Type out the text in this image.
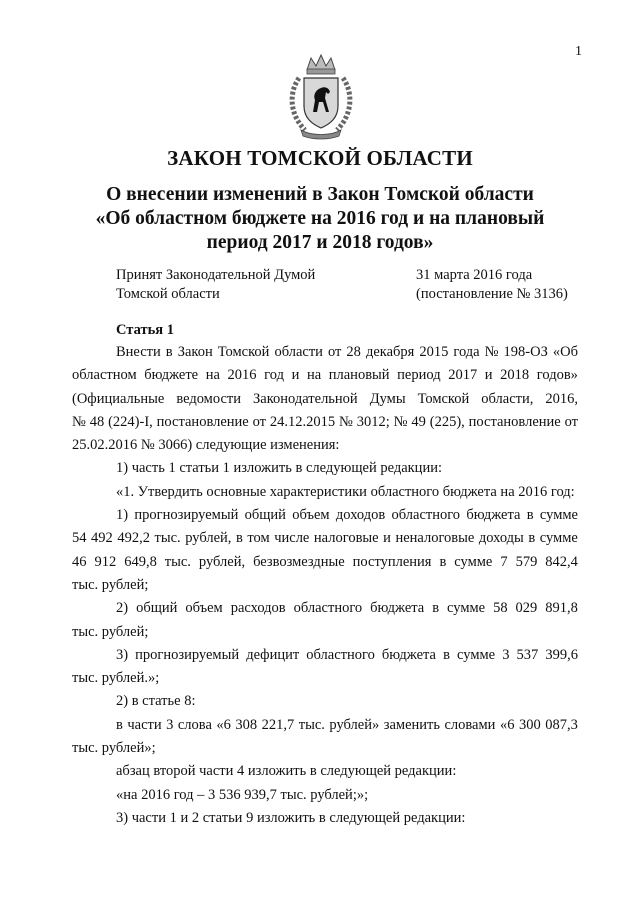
1
ЗАКОН ТОМСКОЙ ОБЛАСТИ
О внесении изменений в Закон Томской области
«Об областном бюджете на 2016 год и на плановый
период 2017 и 2018 годов»
Принят Законодательной Думой
Томской области
31 марта 2016 года
(постановление № 3136)
Статья 1
Внести в Закон Томской области от 28 декабря 2015 года № 198-ОЗ «Об
областном бюджете на 2016 год и на плановый период 2017 и 2018 годов»
(Официальные ведомости Законодательной Думы Томской области, 2016,
№ 48 (224)-I, постановление от 24.12.2015 № 3012; № 49 (225), постановление от
25.02.2016 № 3066) следующие изменения:
1) часть 1 статьи 1 изложить в следующей редакции:
«1. Утвердить основные характеристики областного бюджета на 2016 год:
1) прогнозируемый общий объем доходов областного бюджета в сумме
54 492 492,2 тыс. рублей, в том числе налоговые и неналоговые доходы в сумме
46 912 649,8 тыс. рублей, безвозмездные поступления в сумме 7 579 842,4
тыс. рублей;
2) общий объем расходов областного бюджета в сумме 58 029 891,8
тыс. рублей;
3) прогнозируемый дефицит областного бюджета в сумме 3 537 399,6
тыс. рублей.»;
2) в статье 8:
в части 3 слова «6 308 221,7 тыс. рублей» заменить словами «6 300 087,3
тыс. рублей»;
абзац второй части 4 изложить в следующей редакции:
«на 2016 год – 3 536 939,7 тыс. рублей;»;
3) части 1 и 2 статьи 9 изложить в следующей редакции:
